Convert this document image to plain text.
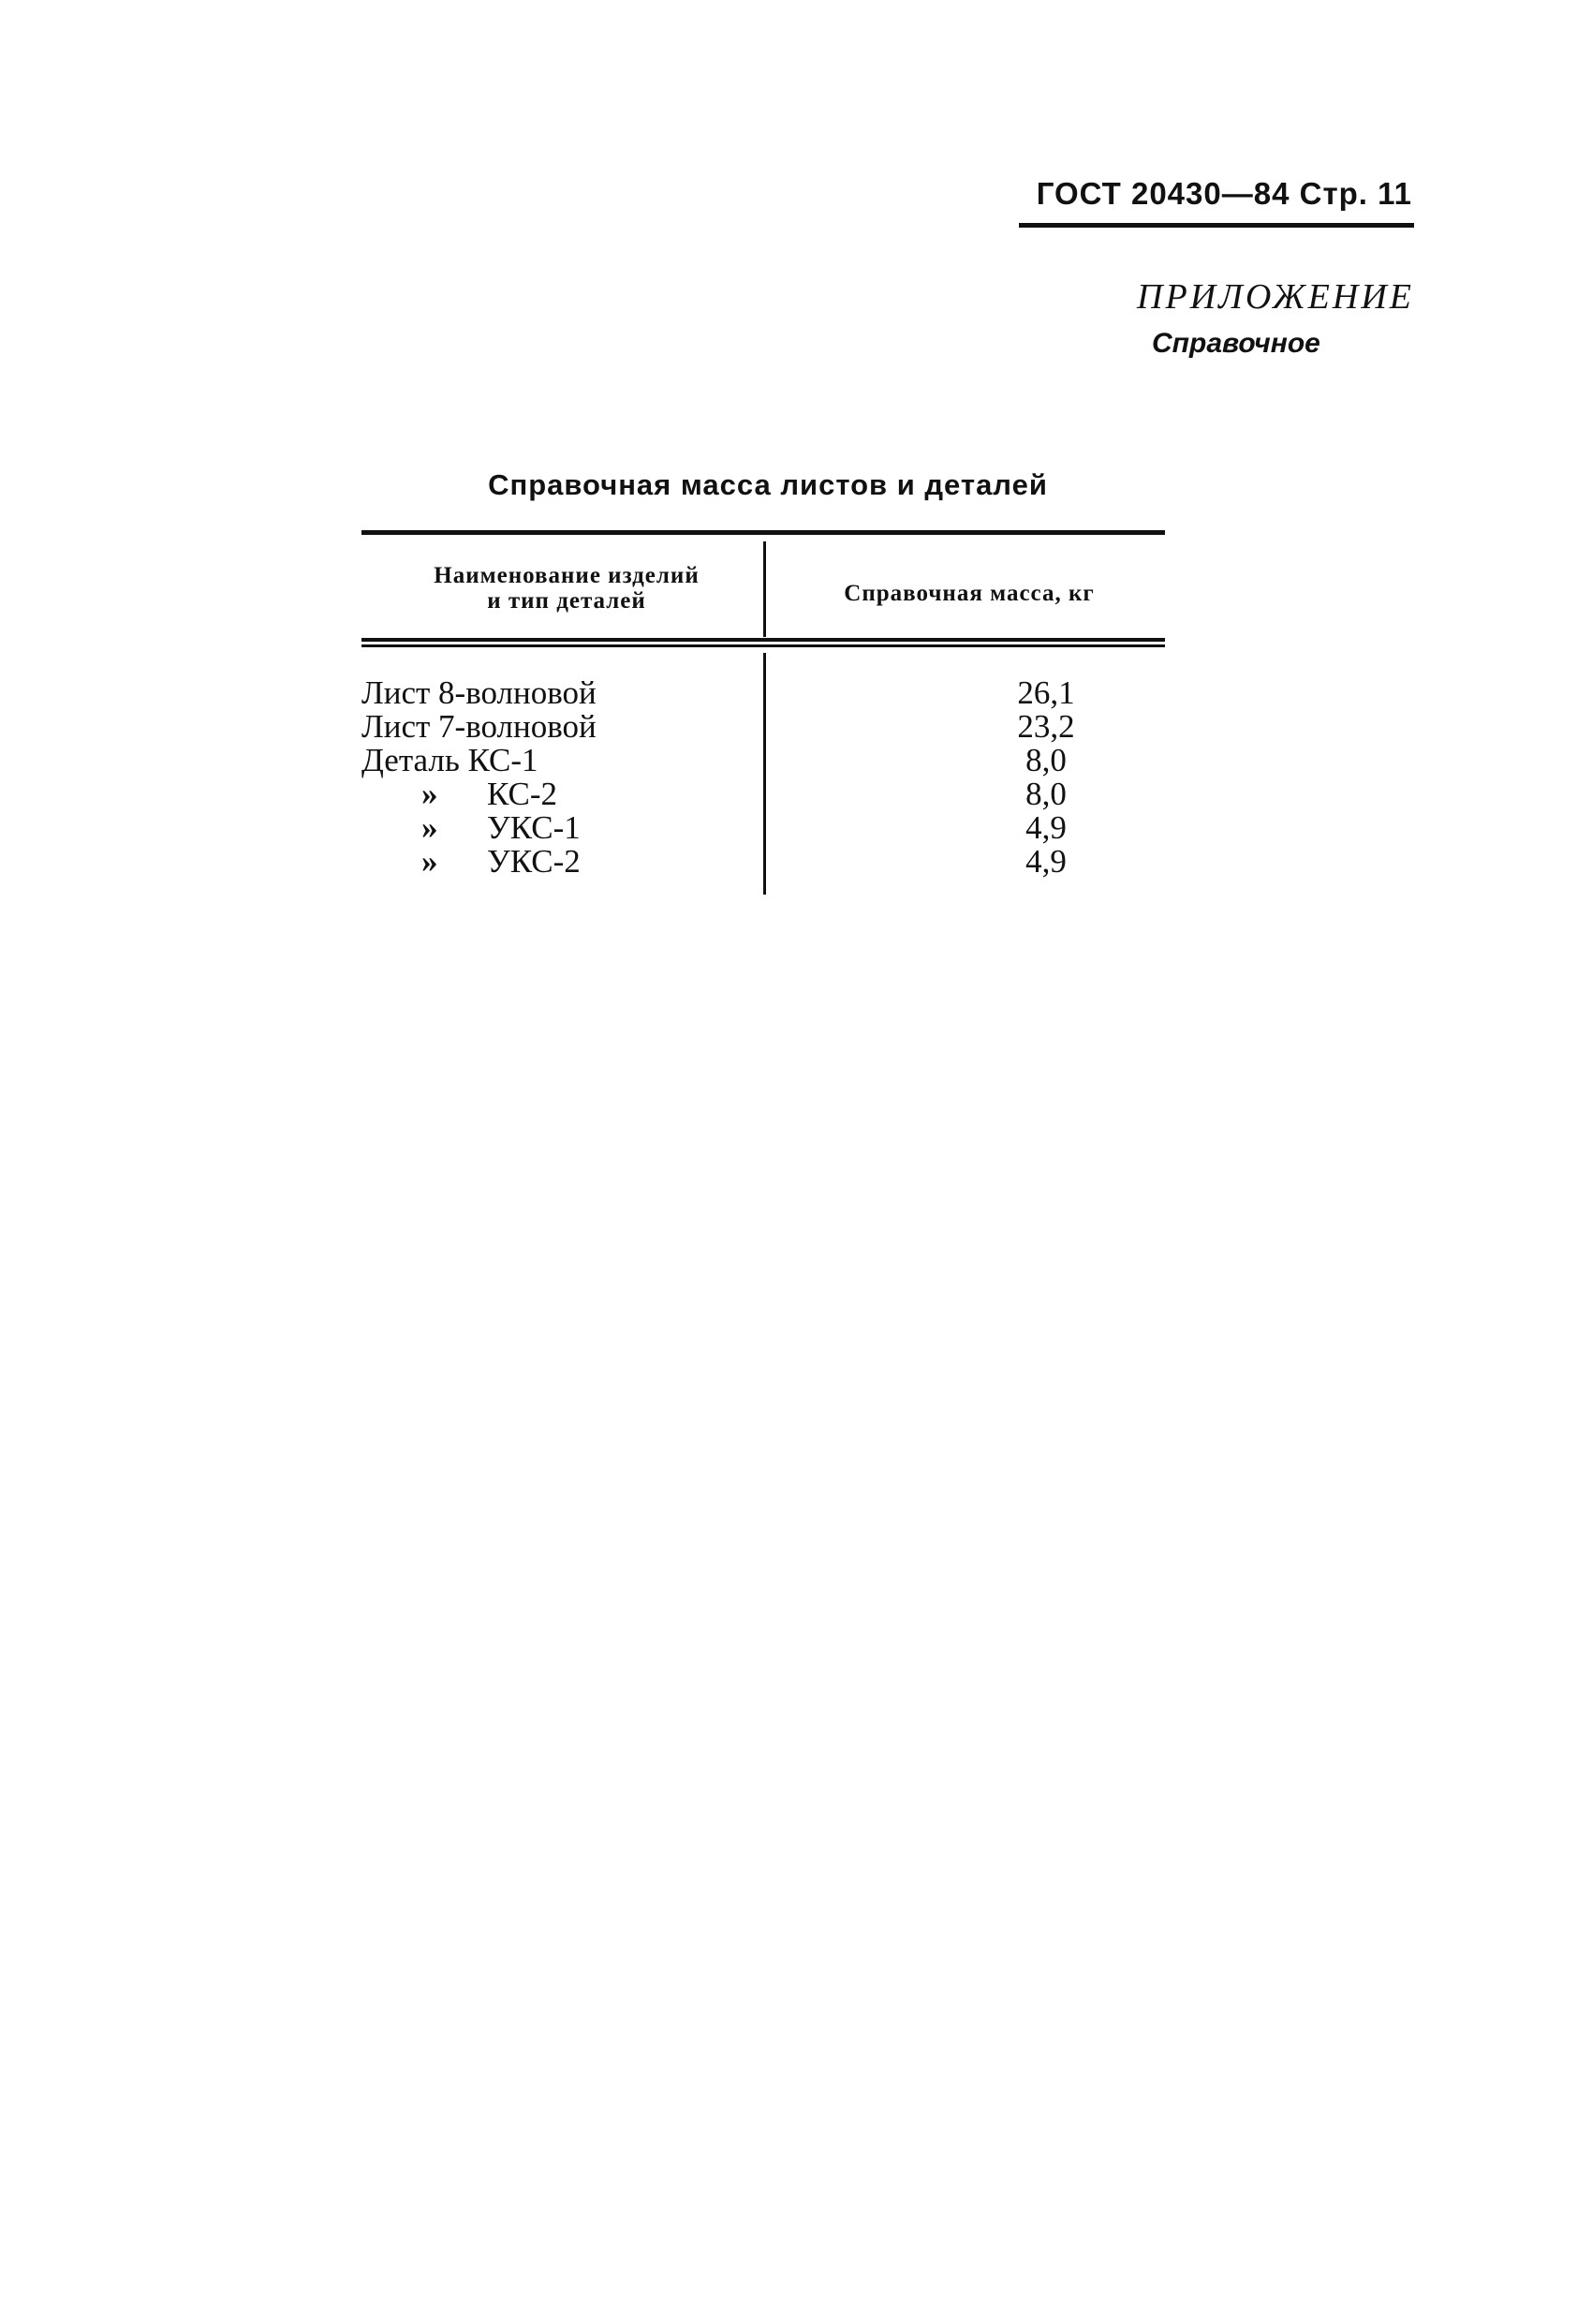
ГОСТ 20430—84 Стр. 11
ПРИЛОЖЕНИЕ
Справочное
Справочная масса листов и деталей
Наименование изделий
и тип деталей	Справочная масса, кг
Лист 8-волновой	26,1
Лист 7-волновой	23,2
Деталь КС-1	8,0
» КС-2	8,0
» УКС-1	4,9
» УКС-2	4,9
